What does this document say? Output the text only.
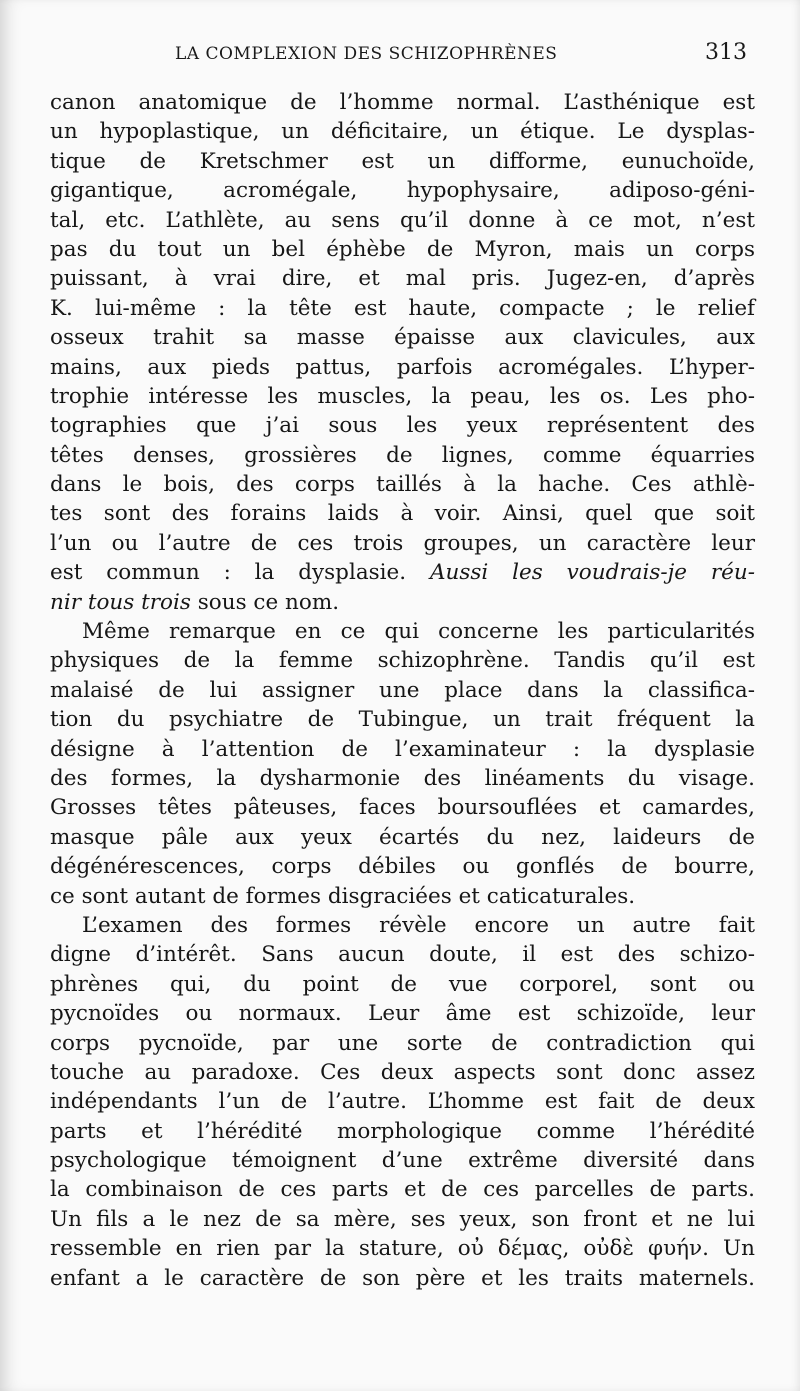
LA COMPLEXION DES SCHIZOPHRÈNES	313
canon anatomique de l’homme normal. L’asthénique est
un hypoplastique, un déficitaire, un étique. Le dysplas-
tique de Kretschmer est un difforme, eunuchoïde,
gigantique, acromégale, hypophysaire, adiposo-géni-
tal, etc. L’athlète, au sens qu’il donne à ce mot, n’est
pas du tout un bel éphèbe de Myron, mais un corps
puissant, à vrai dire, et mal pris. Jugez-en, d’après
K. lui-même : la tête est haute, compacte ; le relief
osseux trahit sa masse épaisse aux clavicules, aux
mains, aux pieds pattus, parfois acromégales. L’hyper-
trophie intéresse les muscles, la peau, les os. Les pho-
tographies que j’ai sous les yeux représentent des
têtes denses, grossières de lignes, comme équarries
dans le bois, des corps taillés à la hache. Ces athlè-
tes sont des forains laids à voir. Ainsi, quel que soit
l’un ou l’autre de ces trois groupes, un caractère leur
est commun : la dysplasie. Aussi les voudrais-je réu-
nir tous trois sous ce nom.
Même remarque en ce qui concerne les particularités
physiques de la femme schizophrène. Tandis qu’il est
malaisé de lui assigner une place dans la classifica-
tion du psychiatre de Tubingue, un trait fréquent la
désigne à l’attention de l’examinateur : la dysplasie
des formes, la dysharmonie des linéaments du visage.
Grosses têtes pâteuses, faces boursouflées et camardes,
masque pâle aux yeux écartés du nez, laideurs de
dégénérescences, corps débiles ou gonflés de bourre,
ce sont autant de formes disgraciées et caticaturales.
L’examen des formes révèle encore un autre fait
digne d’intérêt. Sans aucun doute, il est des schizo-
phrènes qui, du point de vue corporel, sont ou
pycnoïdes ou normaux. Leur âme est schizoïde, leur
corps pycnoïde, par une sorte de contradiction qui
touche au paradoxe. Ces deux aspects sont donc assez
indépendants l’un de l’autre. L’homme est fait de deux
parts et l’hérédité morphologique comme l’hérédité
psychologique témoignent d’une extrême diversité dans
la combinaison de ces parts et de ces parcelles de parts.
Un fils a le nez de sa mère, ses yeux, son front et ne lui
ressemble en rien par la stature, οὐ δέμας, οὐδὲ φυήν. Un
enfant a le caractère de son père et les traits maternels.
